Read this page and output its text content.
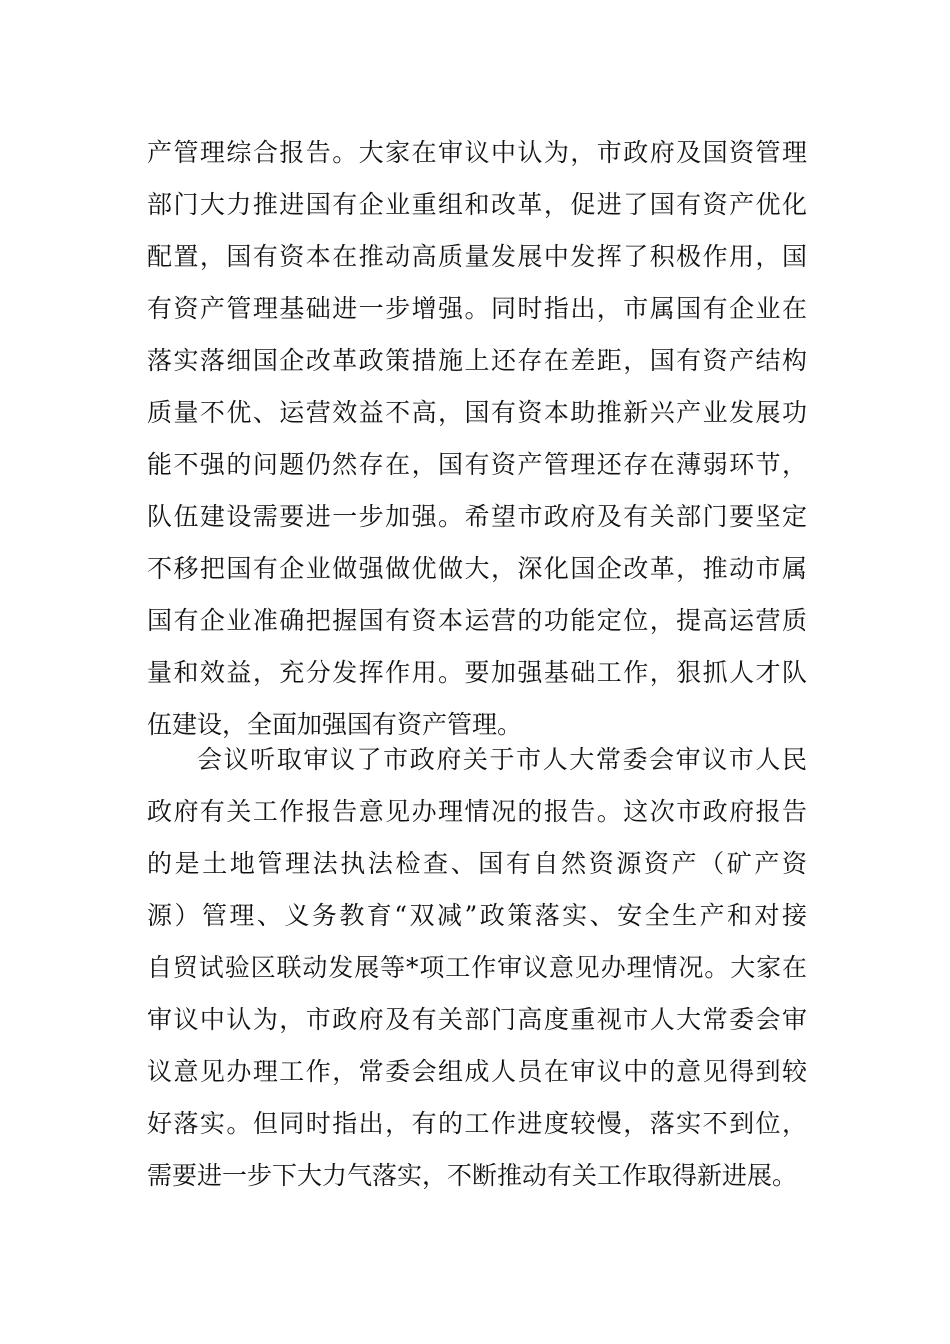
产管理综合报告。大家在审议中认为，市政府及国资管理
部门大力推进国有企业重组和改革，促进了国有资产优化
配置，国有资本在推动高质量发展中发挥了积极作用，国
有资产管理基础进一步增强。同时指出，市属国有企业在
落实落细国企改革政策措施上还存在差距，国有资产结构
质量不优、运营效益不高，国有资本助推新兴产业发展功
能不强的问题仍然存在，国有资产管理还存在薄弱环节，
队伍建设需要进一步加强。希望市政府及有关部门要坚定
不移把国有企业做强做优做大，深化国企改革，推动市属
国有企业准确把握国有资本运营的功能定位，提高运营质
量和效益，充分发挥作用。要加强基础工作，狠抓人才队
伍建设，全面加强国有资产管理。
会议听取审议了市政府关于市人大常委会审议市人民
政府有关工作报告意见办理情况的报告。这次市政府报告
的是土地管理法执法检查、国有自然资源资产（矿产资
源）管理、义务教育“双减”政策落实、安全生产和对接
自贸试验区联动发展等*项工作审议意见办理情况。大家在
审议中认为，市政府及有关部门高度重视市人大常委会审
议意见办理工作，常委会组成人员在审议中的意见得到较
好落实。但同时指出，有的工作进度较慢，落实不到位，
需要进一步下大力气落实，不断推动有关工作取得新进展。
